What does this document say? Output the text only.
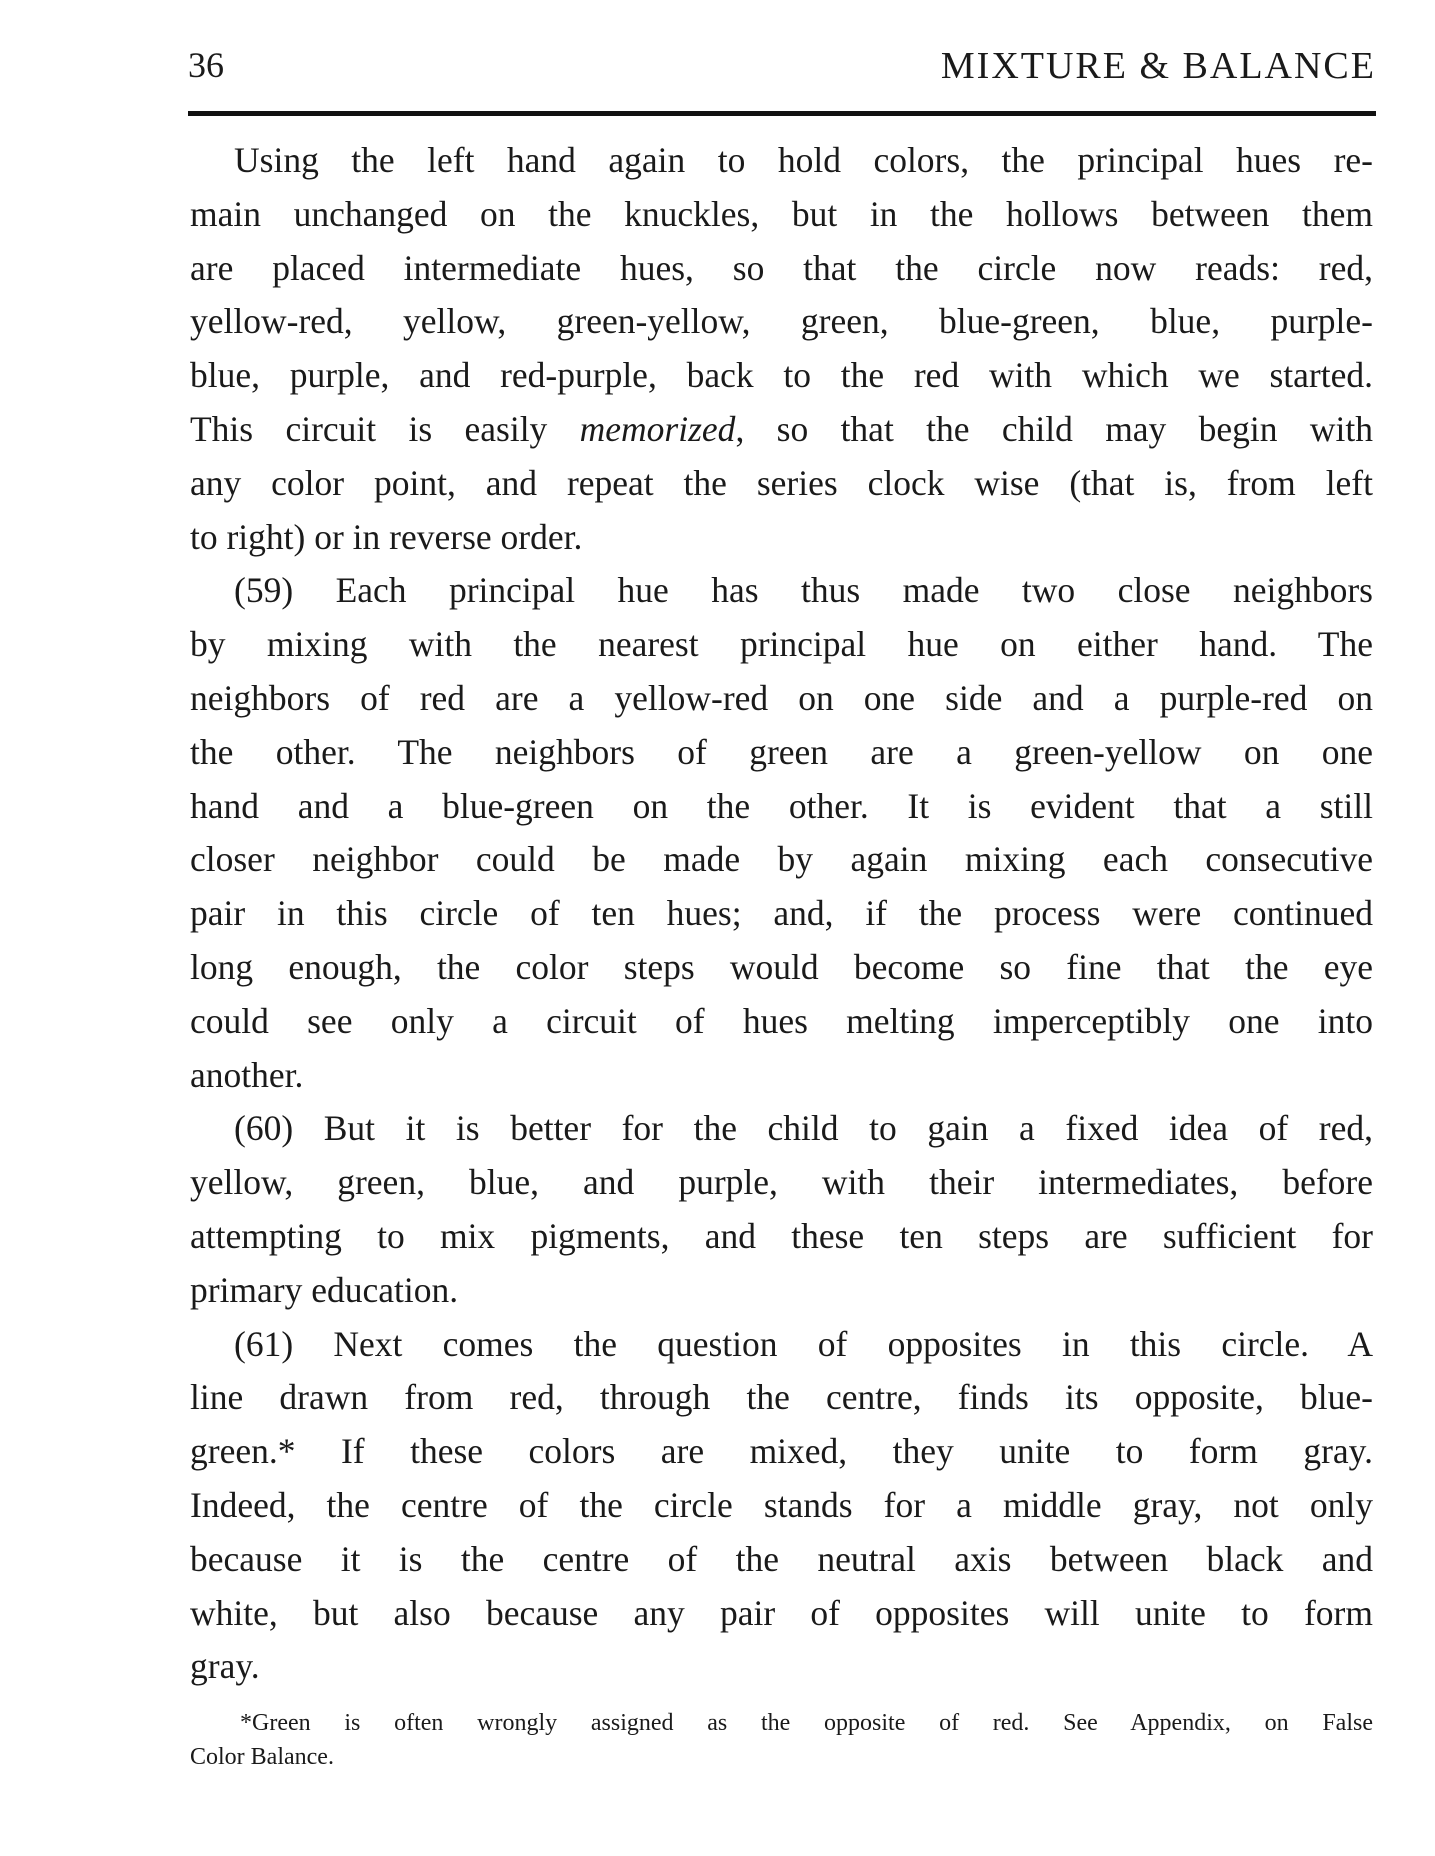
36	MIXTURE & BALANCE
Using the left hand again to hold colors, the principal hues re-
main unchanged on the knuckles, but in the hollows between them
are placed intermediate hues, so that the circle now reads: red,
yellow-red, yellow, green-yellow, green, blue-green, blue, purple-
blue, purple, and red-purple, back to the red with which we started.
This circuit is easily memorized, so that the child may begin with
any color point, and repeat the series clock wise (that is, from left
to right) or in reverse order.
(59) Each principal hue has thus made two close neighbors
by mixing with the nearest principal hue on either hand. The
neighbors of red are a yellow-red on one side and a purple-red on
the other. The neighbors of green are a green-yellow on one
hand and a blue-green on the other. It is evident that a still
closer neighbor could be made by again mixing each consecutive
pair in this circle of ten hues; and, if the process were continued
long enough, the color steps would become so fine that the eye
could see only a circuit of hues melting imperceptibly one into
another.
(60) But it is better for the child to gain a fixed idea of red,
yellow, green, blue, and purple, with their intermediates, before
attempting to mix pigments, and these ten steps are sufficient for
primary education.
(61) Next comes the question of opposites in this circle. A
line drawn from red, through the centre, finds its opposite, blue-
green.* If these colors are mixed, they unite to form gray.
Indeed, the centre of the circle stands for a middle gray, not only
because it is the centre of the neutral axis between black and
white, but also because any pair of opposites will unite to form
gray.
*Green is often wrongly assigned as the opposite of red. See Appendix, on False
Color Balance.
